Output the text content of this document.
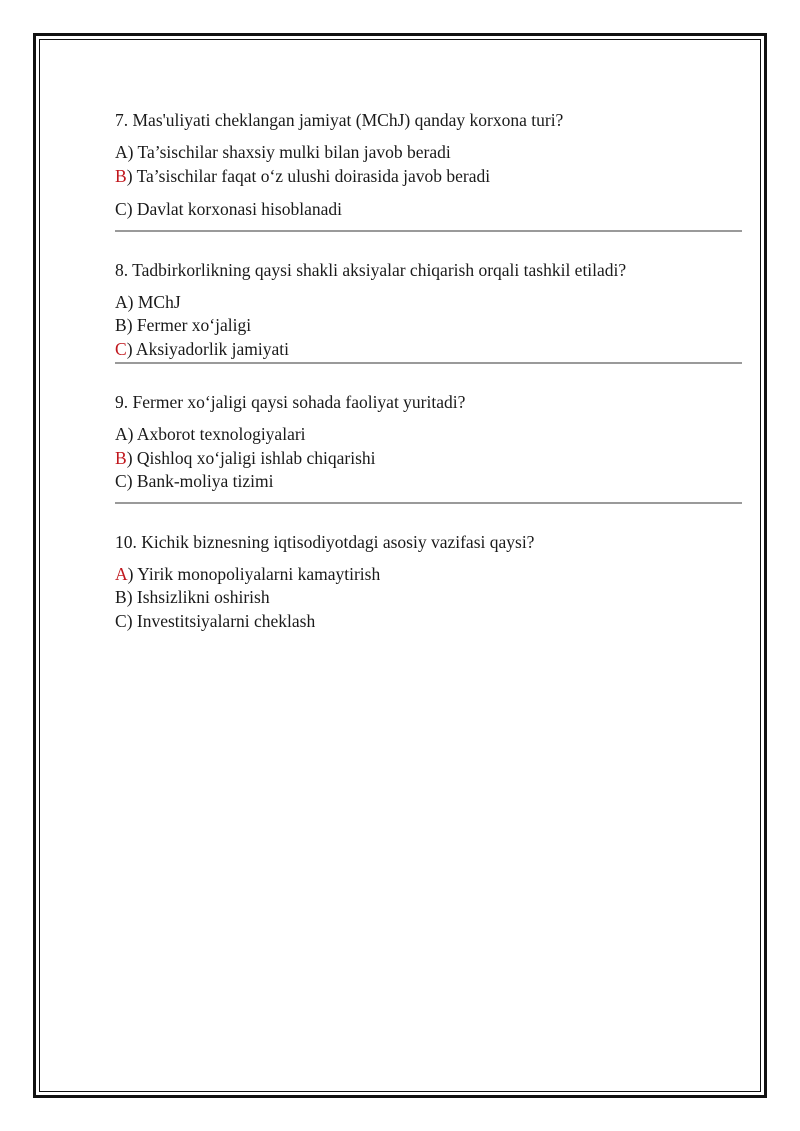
7. Mas'uliyati cheklangan jamiyat (MChJ) qanday korxona turi?

A) Ta’sischilar shaxsiy mulki bilan javob beradi

B) Ta’sischilar faqat o‘z ulushi doirasida javob beradi

C) Davlat korxonasi hisoblanadi

8. Tadbirkorlikning qaysi shakli aksiyalar chiqarish orqali tashkil etiladi?

A) MChJ

B) Fermer xo‘jaligi

C) Aksiyadorlik jamiyati

9. Fermer xo‘jaligi qaysi sohada faoliyat yuritadi?

A) Axborot texnologiyalari

B) Qishloq xo‘jaligi ishlab chiqarishi

C) Bank-moliya tizimi

10. Kichik biznesning iqtisodiyotdagi asosiy vazifasi qaysi?

A) Yirik monopoliyalarni kamaytirish

B) Ishsizlikni oshirish

C) Investitsiyalarni cheklash
